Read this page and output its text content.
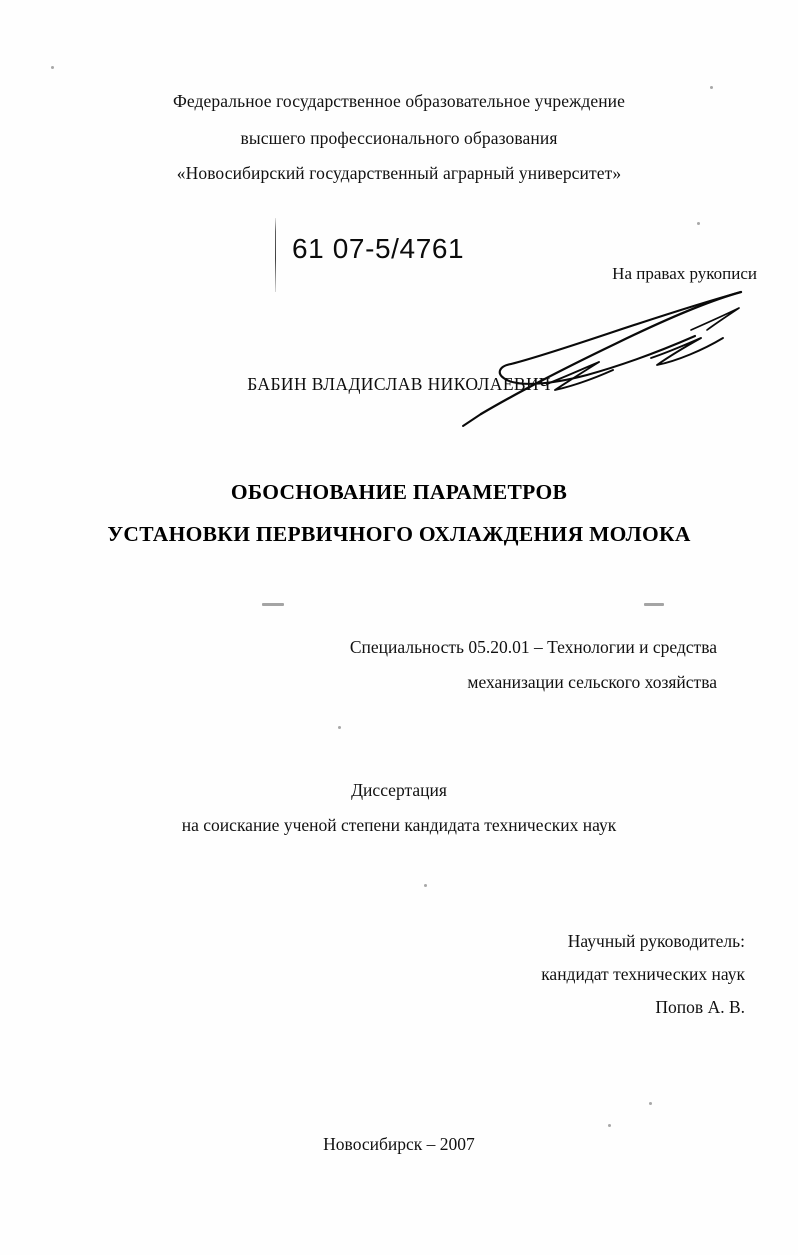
Федеральное государственное образовательное учреждение
высшего профессионального образования
«Новосибирский государственный аграрный университет»
61 07-5/4761
На правах рукописи
БАБИН ВЛАДИСЛАВ НИКОЛАЕВИЧ
ОБОСНОВАНИЕ ПАРАМЕТРОВ
УСТАНОВКИ ПЕРВИЧНОГО ОХЛАЖДЕНИЯ МОЛОКА
Специальность 05.20.01 – Технологии и средства
механизации сельского хозяйства
Диссертация
на соискание ученой степени кандидата технических наук
Научный руководитель:
кандидат технических наук
Попов А. В.
Новосибирск – 2007
